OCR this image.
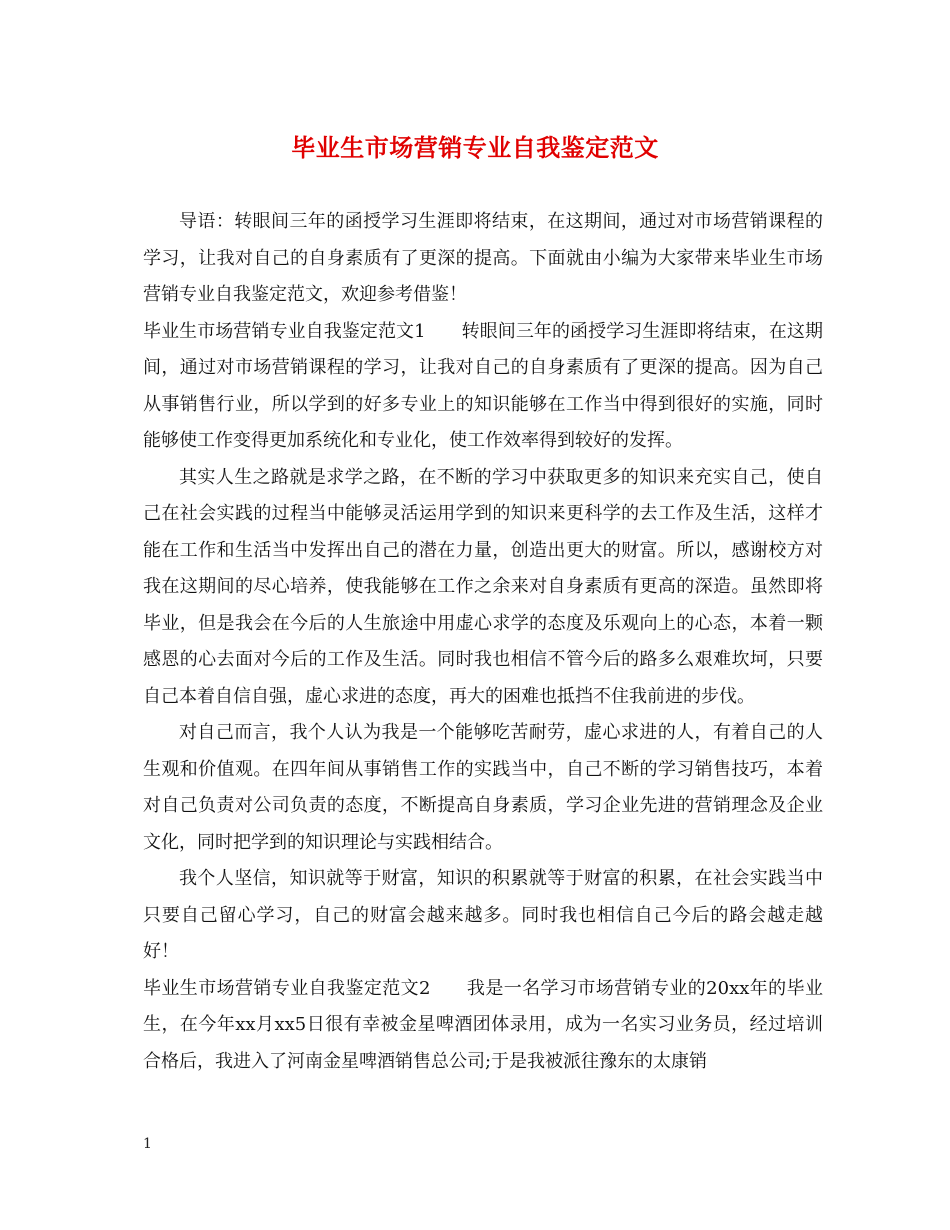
毕业生市场营销专业自我鉴定范文

导语：转眼间三年的函授学习生涯即将结束，在这期间，通过对市场营销课程的学习，让我对自己的自身素质有了更深的提高。下面就由小编为大家带来毕业生市场营销专业自我鉴定范文，欢迎参考借鉴！

毕业生市场营销专业自我鉴定范文1 转眼间三年的函授学习生涯即将结束，在这期间，通过对市场营销课程的学习，让我对自己的自身素质有了更深的提高。因为自己从事销售行业，所以学到的好多专业上的知识能够在工作当中得到很好的实施，同时能够使工作变得更加系统化和专业化，使工作效率得到较好的发挥。

其实人生之路就是求学之路，在不断的学习中获取更多的知识来充实自己，使自己在社会实践的过程当中能够灵活运用学到的知识来更科学的去工作及生活，这样才能在工作和生活当中发挥出自己的潜在力量，创造出更大的财富。所以，感谢校方对我在这期间的尽心培养，使我能够在工作之余来对自身素质有更高的深造。虽然即将毕业，但是我会在今后的人生旅途中用虚心求学的态度及乐观向上的心态，本着一颗感恩的心去面对今后的工作及生活。同时我也相信不管今后的路多么艰难坎坷，只要自己本着自信自强，虚心求进的态度，再大的困难也抵挡不住我前进的步伐。

对自己而言，我个人认为我是一个能够吃苦耐劳，虚心求进的人，有着自己的人生观和价值观。在四年间从事销售工作的实践当中，自己不断的学习销售技巧，本着对自己负责对公司负责的态度，不断提高自身素质，学习企业先进的营销理念及企业文化，同时把学到的知识理论与实践相结合。

我个人坚信，知识就等于财富，知识的积累就等于财富的积累，在社会实践当中只要自己留心学习，自己的财富会越来越多。同时我也相信自己今后的路会越走越好！

毕业生市场营销专业自我鉴定范文2 我是一名学习市场营销专业的20xx年的毕业生，在今年xx月xx5日很有幸被金星啤酒团体录用，成为一名实习业务员，经过培训合格后，我进入了河南金星啤酒销售总公司;于是我被派往豫东的太康销

1
